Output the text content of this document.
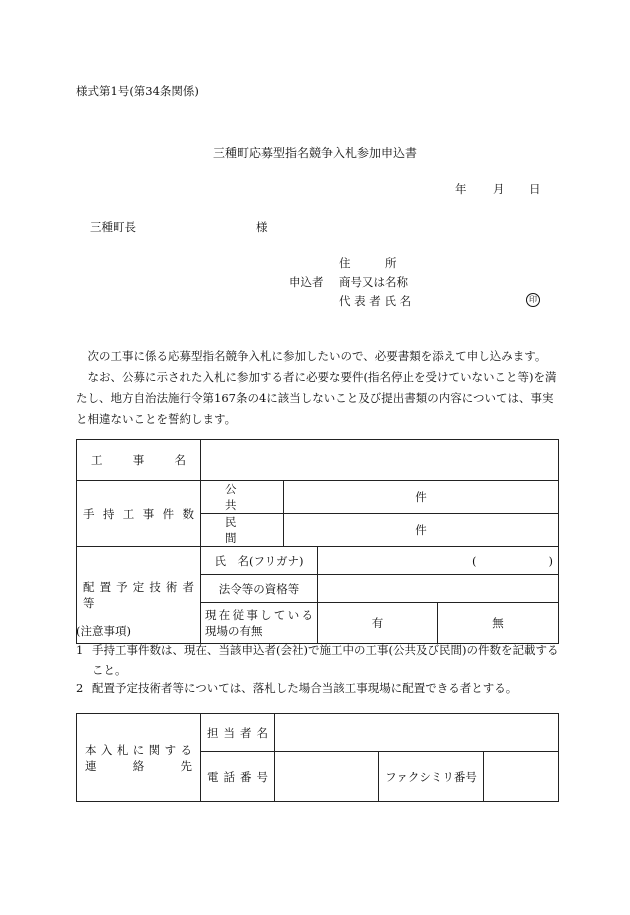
様式第1号(第34条関係)
三種町応募型指名競争入札参加申込書
年 月 日
三種町長	様
住　　　所
申込者 商号又は名称
代 表 者 氏 名	印

次の工事に係る応募型指名競争入札に参加したいので、必要書類を添えて申し込みます。

なお、公募に示された入札に参加する者に必要な要件(指名停止を受けていないこと等)を満たし、地方自治法施行令第167条の4に該当しないこと及び提出書類の内容については、事実と相違ないことを誓約します。

工　事　名				
手 持 工 事 件 数	公　共	件		
	民　間	件		
配 置 予 定 技 術 者 等	氏　名(フリガナ)		( )	
	法令等の資格等			

	現在従事している
現場の有無		有	無
(注意事項)
1 手持工事件数は、現在、当該申込者(会社)で施工中の工事(公共及び民間)の件数を記載すること。
2 配置予定技術者等については、落札した場合当該工事現場に配置できる者とする。
本 入 札 に 関 す る
連　　絡　　先	担 当 者 名			
	電 話 番 号		ファクシミリ番号	
